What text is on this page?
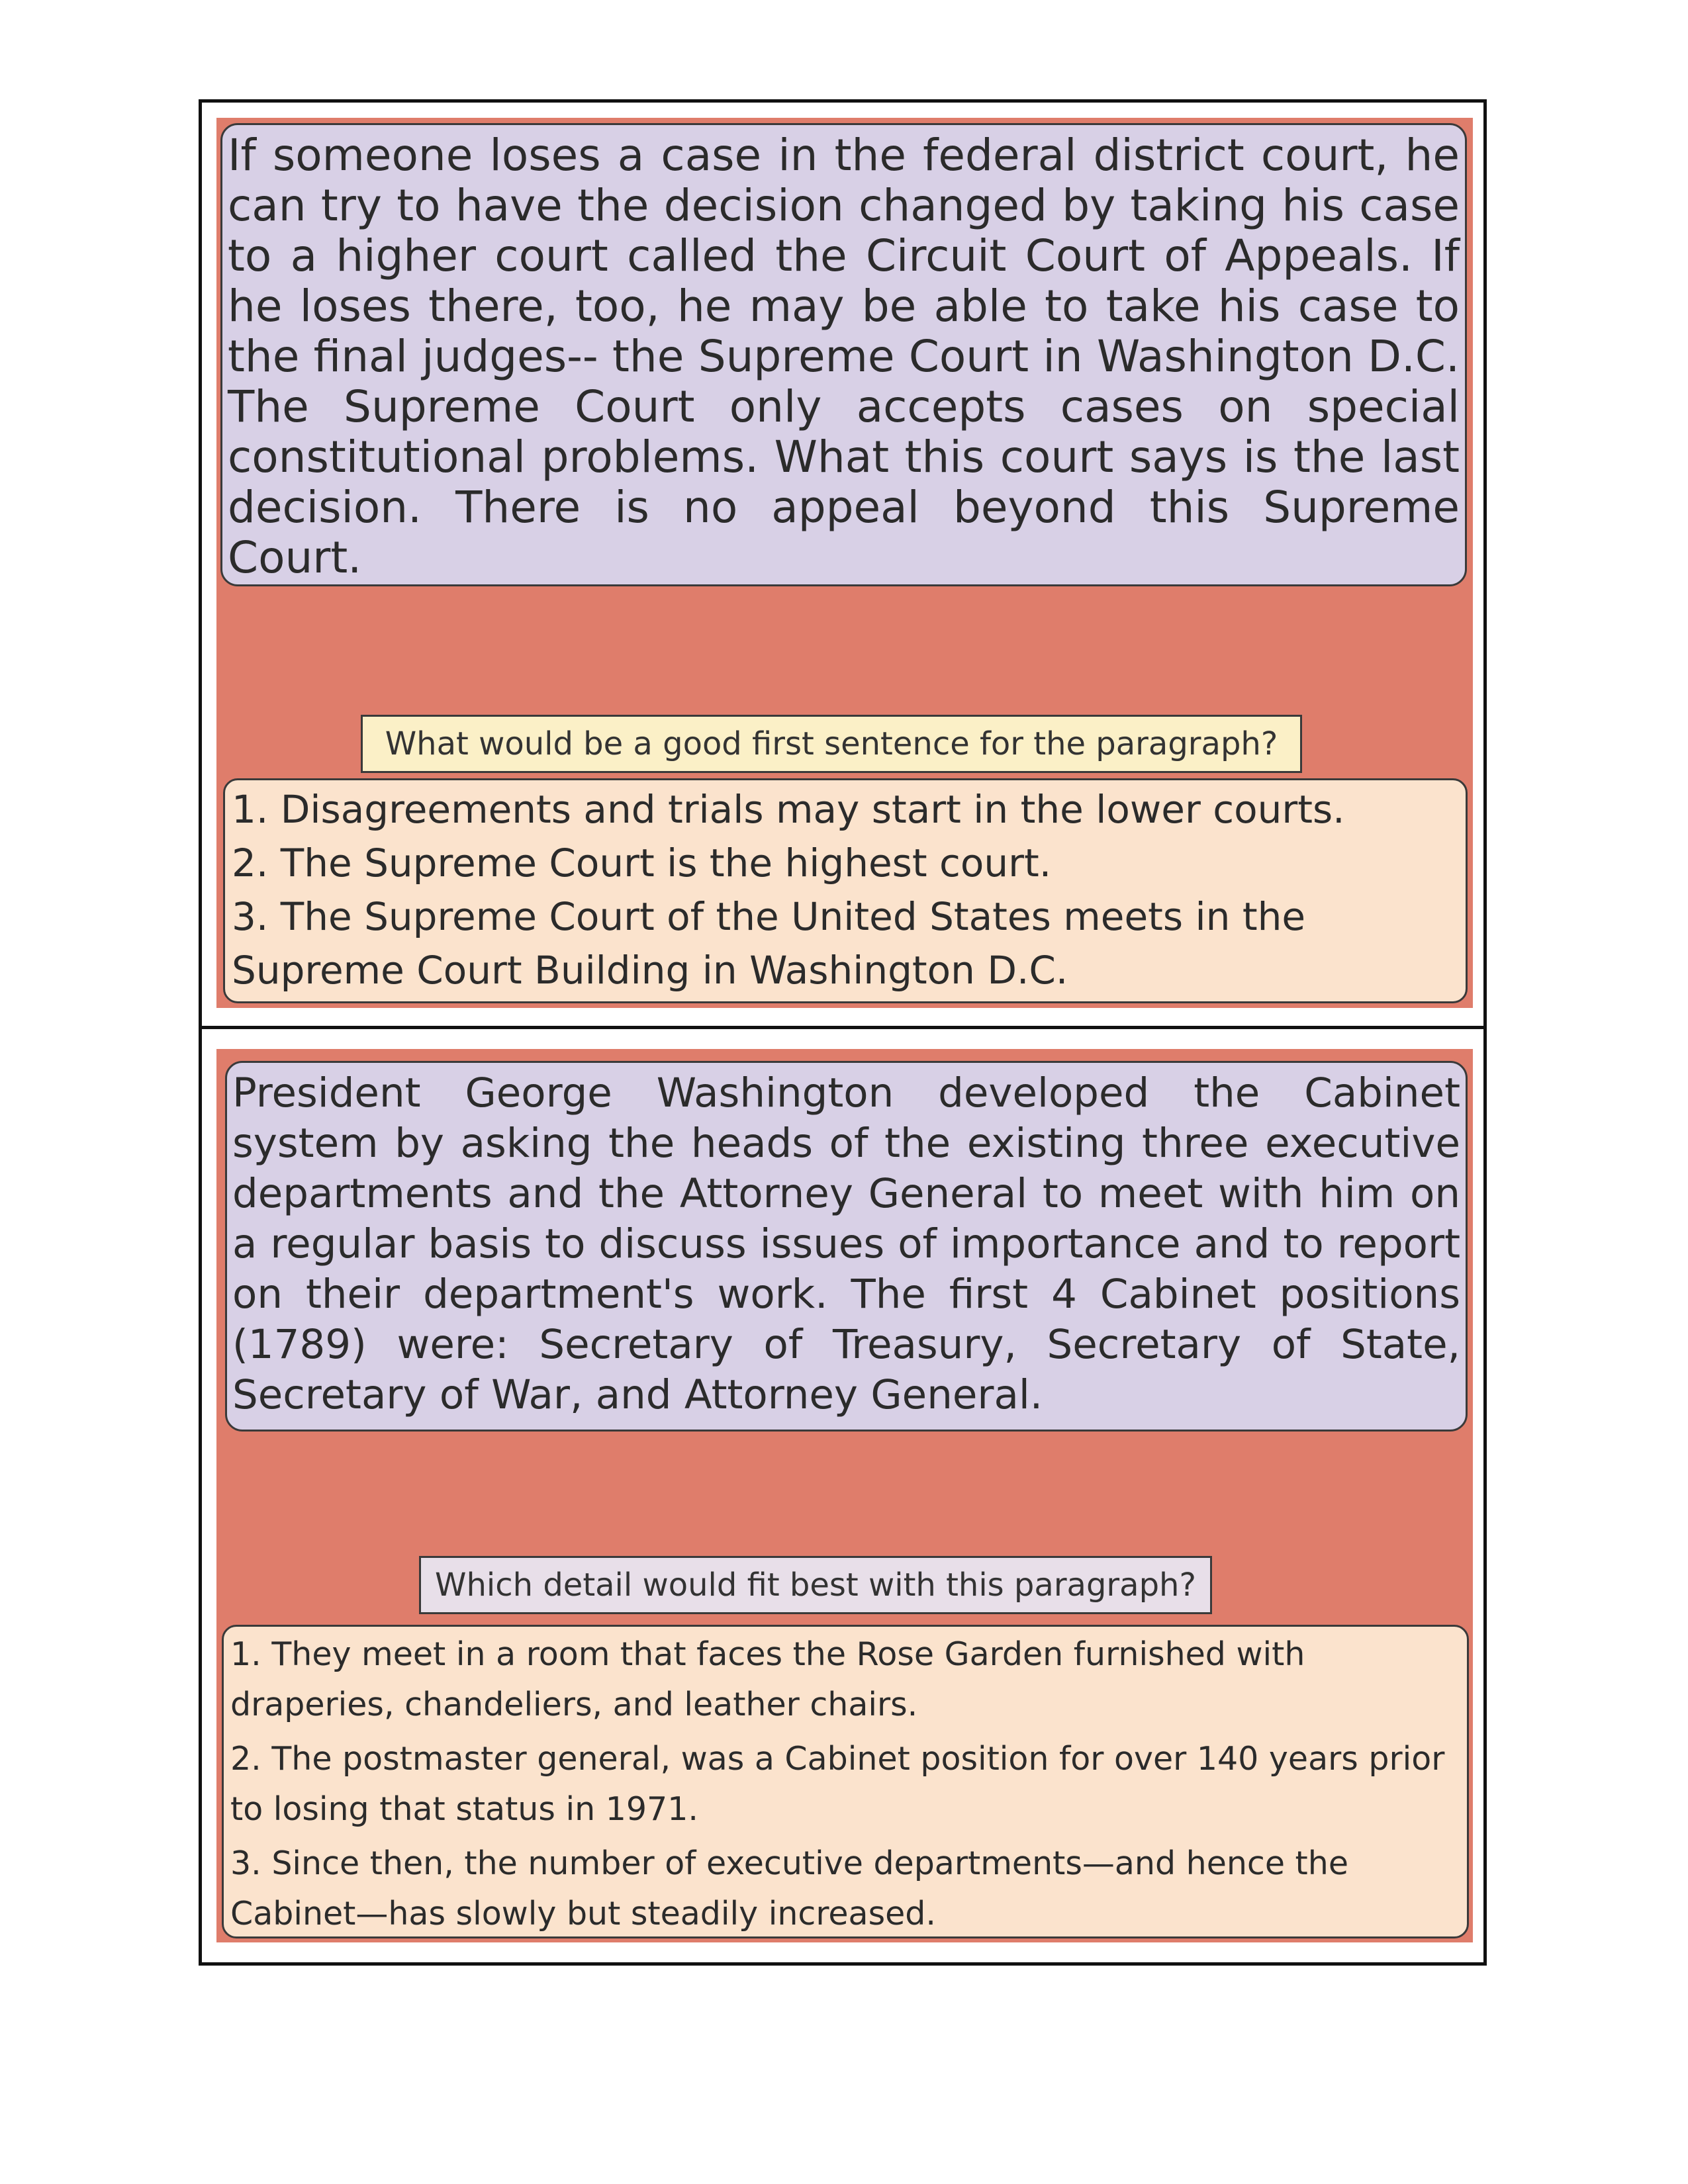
If someone loses a case in the federal district court, he can try to have the decision changed by taking his case to a higher court called the Circuit Court of Appeals. If he loses there, too, he may be able to take his case to the final judges-- the Supreme Court in Washington D.C. The Supreme Court only accepts cases on special constitutional problems. What this court says is the last decision. There is no appeal beyond this Supreme Court.
What would be a good first sentence for the paragraph?
1. Disagreements and trials may start in the lower courts.
2. The Supreme Court is the highest court.
3. The Supreme Court of the United States meets in the Supreme Court Building in Washington D.C.
President George Washington developed the Cabinet system by asking the heads of the existing three executive departments and the Attorney General to meet with him on a regular basis to discuss issues of importance and to report on their department's work. The first 4 Cabinet positions (1789) were: Secretary of Treasury, Secretary of State, Secretary of War, and Attorney General.
Which detail would fit best with this paragraph?
1. They meet in a room that faces the Rose Garden furnished with draperies, chandeliers, and leather chairs.
2. The postmaster general, was a Cabinet position for over 140 years prior to losing that status in 1971.
3. Since then, the number of executive departments—and hence the Cabinet—has slowly but steadily increased.
